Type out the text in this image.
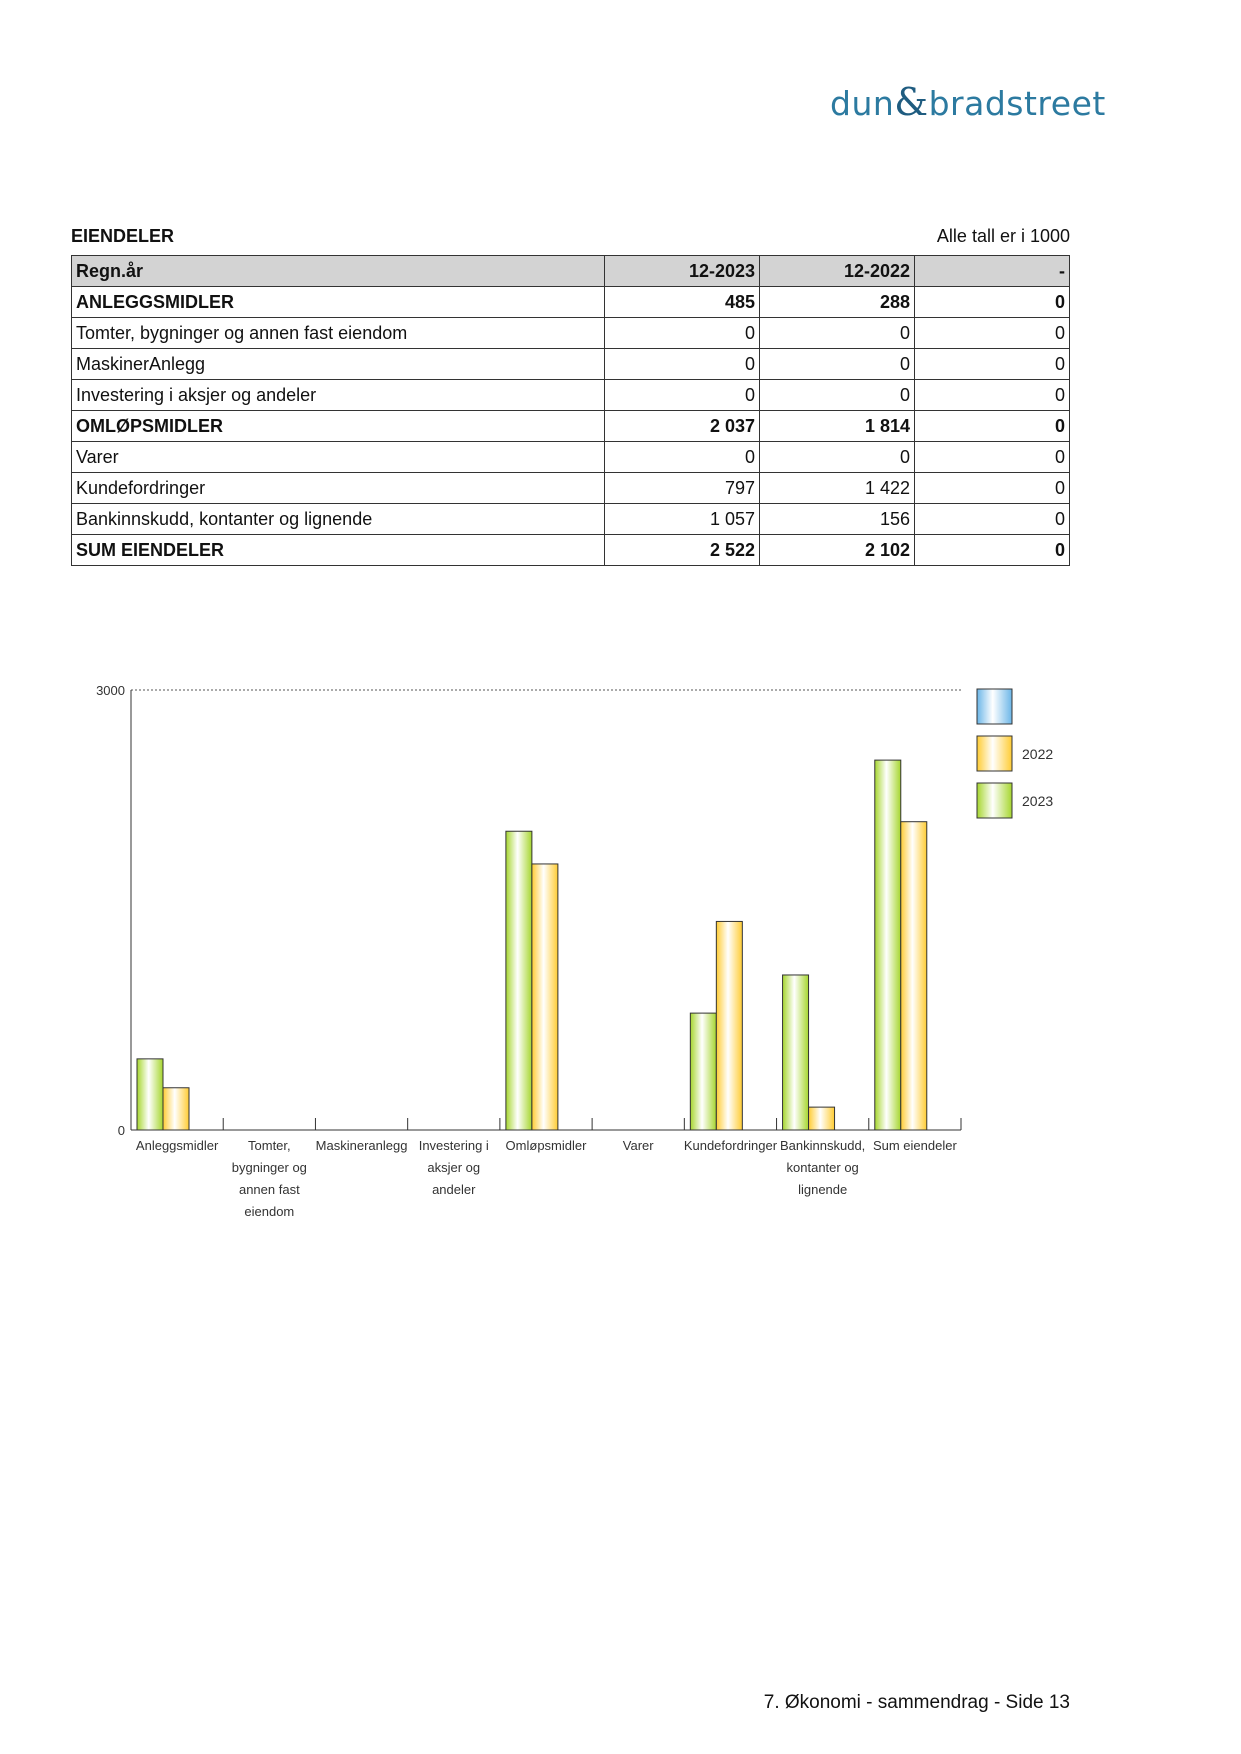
dun&bradstreet
EIENDELER	Alle tall er i 1000
Regn.år	12-2023	12-2022	-
ANLEGGSMIDLER	485	288	0
Tomter, bygninger og annen fast eiendom	0	0	0
MaskinerAnlegg	0	0	0
Investering i aksjer og andeler	0	0	0
OMLØPSMIDLER	2 037	1 814	0
Varer	0	0	0
Kundefordringer	797	1 422	0
Bankinnskudd, kontanter og lignende	1 057	156	0
SUM EIENDELER	2 522	2 102	0
0
3000
Anleggsmidler Tomter,
bygninger og
annen fast
eiendom
Maskineranlegg Investering i
aksjer og
andeler
Omløpsmidler	Varer Kundefordringer Bankinnskudd,
kontanter og
lignende
Sum eiendeler
2022
2023
7. Økonomi - sammendrag - Side 13
